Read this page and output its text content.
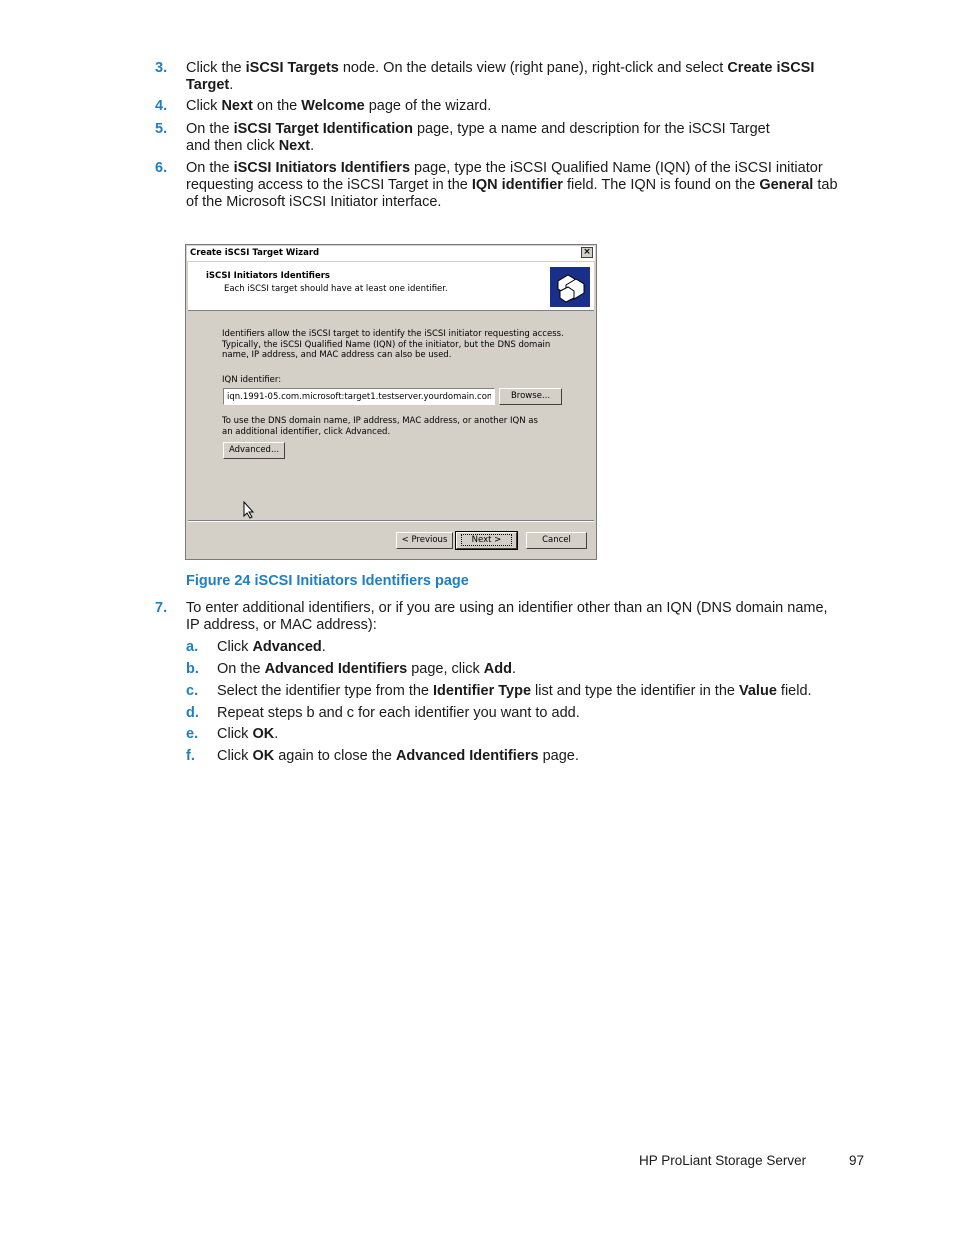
3.	Click the iSCSI Targets node. On the details view (right pane), right-click and select Create iSCSI Target.
4.	Click Next on the Welcome page of the wizard.
5.	On the iSCSI Target Identification page, type a name and description for the iSCSI Target and then click Next.
6.	On the iSCSI Initiators Identifiers page, type the iSCSI Qualified Name (IQN) of the iSCSI initiator requesting access to the iSCSI Target in the IQN identifier field. The IQN is found on the General tab of the Microsoft iSCSI Initiator interface.
Create iSCSI Target Wizard	×
iSCSI Initiators Identifiers
Each iSCSI target should have at least one identifier.
Identifiers allow the iSCSI target to identify the iSCSI initiator requesting access. Typically, the iSCSI Qualified Name (IQN) of the initiator, but the DNS domain name, IP address, and MAC address can also be used.
IQN identifier:
To use the DNS domain name, IP address, MAC address, or another IQN as an additional identifier, click Advanced.
iqn.1991-05.com.microsoft:target1.testserver.yourdomain.com
Browse...
Advanced...
< Previous	Next >	Cancel
Figure 24 iSCSI Initiators Identifiers page
7.	To enter additional identifiers, or if you are using an identifier other than an IQN (DNS domain name, IP address, or MAC address):
a. Click Advanced.
b. On the Advanced Identifiers page, click Add.
c. Select the identifier type from the Identifier Type list and type the identifier in the Value field.
d. Repeat steps b and c for each identifier you want to add.
e. Click OK.
f. Click OK again to close the Advanced Identifiers page.
HP ProLiant Storage Server	97
